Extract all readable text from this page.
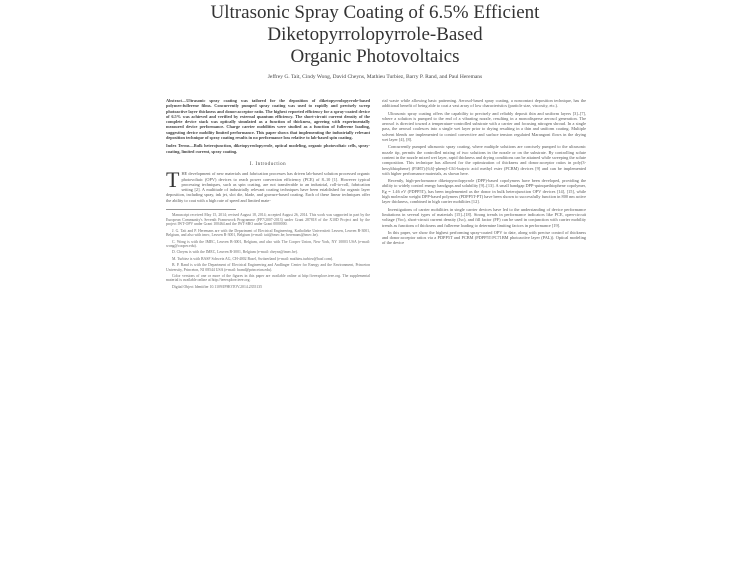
Ultrasonic Spray Coating of 6.5% Efficient
Diketopyrrolopyrrole-Based
Organic Photovoltaics
Jeffrey G. Tait, Cindy Wong, David Cheyns, Mathieu Turbiez, Barry P. Rand, and Paul Heremans

Abstract—Ultrasonic spray coating was tailored for the deposition of diketopyrrolopyrrole-based polymer:fullerene films. Concurrently pumped spray coating was used to rapidly and precisely sweep photoactive layer thickness and donor:acceptor ratio. The highest reported efficiency for a spray-coated device of 6.5% was achieved and verified by external quantum efficiency. The short-circuit current density of the complete device stack was optically simulated as a function of thickness, agreeing with experimentally measured device performance. Charge carrier mobilities were studied as a function of fullerene loading, suggesting device mobility limited performance. This paper shows that implementing the industrially relevant deposition technique of spray coating results in no performance loss relative to lab-based spin coating.

Index Terms—Bulk heterojunction, diketopyrrolopyrrole, optical modeling, organic photovoltaic cells, spray-coating, limited current, spray coating.

I. Introduction

THE development of new materials and fabrication processes has driven lab-based solution processed organic photovoltaic (OPV) devices to reach power conversion efficiency (PCE) of 8–10 [1]. However typical processing techniques, such as spin coating, are not transferable to an industrial, roll-to-roll, fabrication setting [2]. A multitude of industrially relevant coating techniques have been established for organic layer deposition, including spray, ink jet, slot die, blade, and gravure-based coating. Each of these linear techniques offer the ability to coat with a high rate of speed and limited mate-

Manuscript received May 15, 2014; revised August 18, 2014; accepted August 26, 2014. This work was supported in part by the European Community's Seventh Framework Programme (FP7/2007-2013) under Grant 287818 of the X10D Project and by the project IWT-OPV under Grant 100464 and the IWT-SBO under Grant 0000000.

J. G. Tait and P. Heremans are with the Department of Electrical Engineering, Katholieke Universiteit Leuven, Leuven B-3001, Belgium, and also with imec, Leuven B-3001, Belgium (e-mail: tait@imec.be; heremans@imec.be).

C. Wong is with the IMEC, Leuven B-3001, Belgium, and also with The Cooper Union, New York, NY 10003 USA (e-mail: wong@cooper.edu).

D. Cheyns is with the IMEC, Leuven B-3001, Belgium (e-mail: cheyns@imec.be).

M. Turbiez is with BASF Schweiz AG, CH-4002 Basel, Switzerland (e-mail: mathieu.turbiez@basf.com).

B. P. Rand is with the Department of Electrical Engineering and Andlinger Center for Energy and the Environment, Princeton University, Princeton, NJ 08544 USA (e-mail: brand@princeton.edu).

Color versions of one or more of the figures in this paper are available online at http://ieeexplore.ieee.org. The supplemental material is available online at http://ieeexplore.ieee.org.

Digital Object Identifier 10.1109/JPHOTOV.2014.2355135

rial waste while allowing basic patterning. Aerosol-based spray coating, a noncontact deposition technique, has the additional benefit of being able to coat a vast array of low characteristics (particle size, viscosity, etc.).

Ultrasonic spray coating offers the capability to precisely and reliably deposit thin and uniform layers [3]–[7], where a solution is pumped to the end of a vibrating nozzle, resulting in a monodisperse aerosol generation. The aerosol is directed toward a temperature-controlled substrate with a carrier and focusing nitrogen shroud. In a single pass, the aerosol coalesces into a single wet layer prior to drying resulting in a thin and uniform coating. Multiple solvent blends are implemented to control convective and surface tension regulated Marangoni flows in the drying wet layer [4], [8].

Concurrently pumped ultrasonic spray coating, where multiple solutions are concisely pumped to the ultrasonic nozzle tip, permits the controlled mixing of two solutions in the nozzle or on the substrate. By controlling solute content in the nozzle mixed wet layer, rapid thickness and drying conditions can be attained while sweeping the solute composition. This technique has allowed for the optimization of thickness and donor:acceptor ratios in poly(3-hexylthiophene) (P3HT):[6,6]-phenyl-C61-butyric acid methyl ester (PCBM) devices [9] and can be implemented with higher performance materials, as shown here.

Recently, high-performance diketopyrrolopyrrole (DPP)-based copolymers have been developed, providing the ability to widely control energy bandgaps and solubility [9]–[13]. A small bandgap DPP-quinquethiophene copolymer, Eg = 1.46 eV (PDPP5T), has been implemented as the donor in bulk heterojunction OPV devices [14], [15], while high molecular weight DPP-based polymers (PDPP5T-PT) have been shown to successfully function in 800 nm active layer thickness, combined in high carrier mobilities [12].

Investigations of carrier mobilities in single carrier devices have led to the understanding of device performance limitations in several types of materials [15]–[18]. Strong trends in performance indicators like PCE, open-circuit voltage (Voc), short-circuit current density (Jsc), and fill factor (FF) can be used in conjunction with carrier mobility trends as functions of thickness and fullerene loading to determine limiting factors in performance [19].

In this paper, we show the highest performing spray-coated OPV to date, along with precise control of thickness and donor:acceptor ratios via a PDPP5T and PCBM (PDPP5T:PC71BM photoactive layer (PAL)). Optical modeling of the device
